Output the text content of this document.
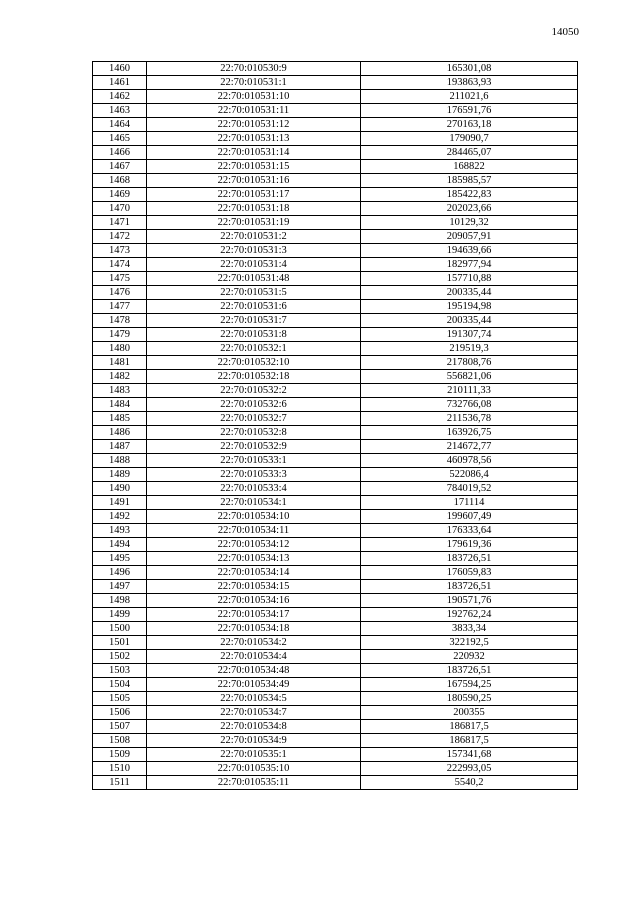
14050
1460	22:70:010530:9	165301,08
1461	22:70:010531:1	193863,93
1462	22:70:010531:10	211021,6
1463	22:70:010531:11	176591,76
1464	22:70:010531:12	270163,18
1465	22:70:010531:13	179090,7
1466	22:70:010531:14	284465,07
1467	22:70:010531:15	168822
1468	22:70:010531:16	185985,57
1469	22:70:010531:17	185422,83
1470	22:70:010531:18	202023,66
1471	22:70:010531:19	10129,32
1472	22:70:010531:2	209057,91
1473	22:70:010531:3	194639,66
1474	22:70:010531:4	182977,94
1475	22:70:010531:48	157710,88
1476	22:70:010531:5	200335,44
1477	22:70:010531:6	195194,98
1478	22:70:010531:7	200335,44
1479	22:70:010531:8	191307,74
1480	22:70:010532:1	219519,3
1481	22:70:010532:10	217808,76
1482	22:70:010532:18	556821,06
1483	22:70:010532:2	210111,33
1484	22:70:010532:6	732766,08
1485	22:70:010532:7	211536,78
1486	22:70:010532:8	163926,75
1487	22:70:010532:9	214672,77
1488	22:70:010533:1	460978,56
1489	22:70:010533:3	522086,4
1490	22:70:010533:4	784019,52
1491	22:70:010534:1	171114
1492	22:70:010534:10	199607,49
1493	22:70:010534:11	176333,64
1494	22:70:010534:12	179619,36
1495	22:70:010534:13	183726,51
1496	22:70:010534:14	176059,83
1497	22:70:010534:15	183726,51
1498	22:70:010534:16	190571,76
1499	22:70:010534:17	192762,24
1500	22:70:010534:18	3833,34
1501	22:70:010534:2	322192,5
1502	22:70:010534:4	220932
1503	22:70:010534:48	183726,51
1504	22:70:010534:49	167594,25
1505	22:70:010534:5	180590,25
1506	22:70:010534:7	200355
1507	22:70:010534:8	186817,5
1508	22:70:010534:9	186817,5
1509	22:70:010535:1	157341,68
1510	22:70:010535:10	222993,05
1511	22:70:010535:11	5540,2
